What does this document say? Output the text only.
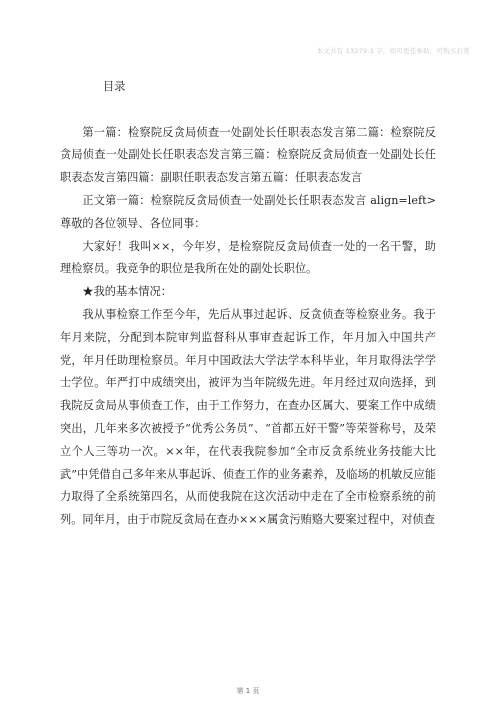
本文共有 13279.3 字，如可更佳参助，可购买打赏
目录

第一篇：检察院反贪局侦查一处副处长任职表态发言第二篇：检察院反贪局侦查一处副处长任职表态发言第三篇：检察院反贪局侦查一处副处长任职表态发言第四篇：副职任职表态发言第五篇：任职表态发言

正文第一篇：检察院反贪局侦查一处副处长任职表态发言 align=left>尊敬的各位领导、各位同事：

大家好！我叫××，今年岁，是检察院反贪局侦查一处的一名干警，助理检察员。我竞争的职位是我所在处的副处长职位。

★我的基本情况：

我从事检察工作至今年，先后从事过起诉、反贪侦查等检察业务。我于年月来院，分配到本院审判监督科从事审查起诉工作，年月加入中国共产党，年月任助理检察员。年月中国政法大学法学本科毕业，年月取得法学学士学位。年严打中成绩突出，被评为当年院级先进。年月经过双向选择，到我院反贪局从事侦查工作，由于工作努力，在查办区属大、要案工作中成绩突出，几年来多次被授予“优秀公务员”、“首都五好干警”等荣誉称号，及荣立个人三等功一次。××年，在代表我院参加“全市反贪系统业务技能大比武”中凭借自己多年来从事起诉、侦查工作的业务素养，及临场的机敏反应能力取得了全系统第四名，从而使我院在这次活动中走在了全市检察系统的前列。同年月，由于市院反贪局在查办×××属贪污贿赂大要案过程中，对侦查

第 1 页
